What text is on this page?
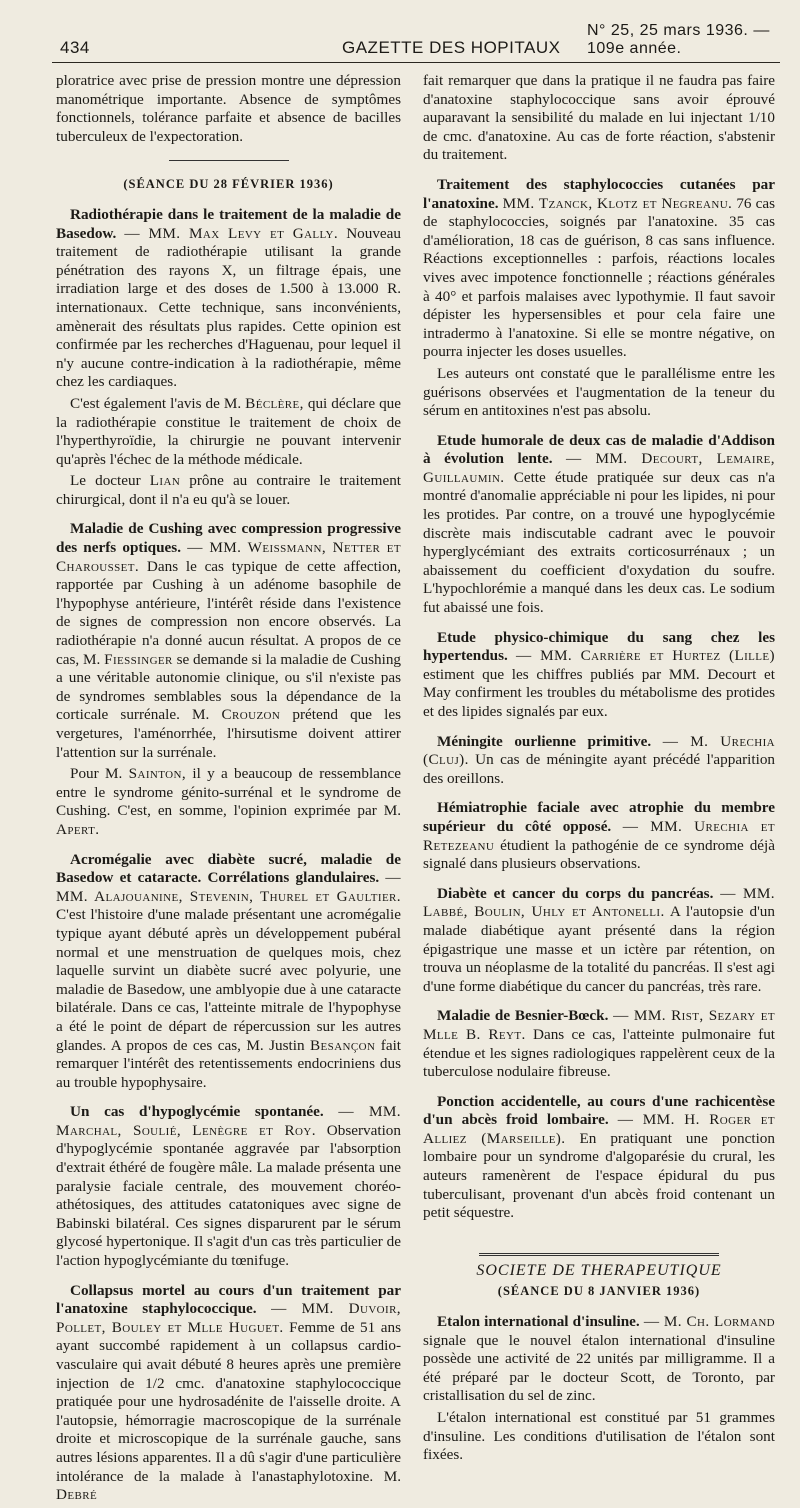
434	GAZETTE DES HOPITAUX
N° 25, 25 mars 1936. — 109e année.

ploratrice avec prise de pression montre une dépression manométrique importante. Absence de symptômes fonctionnels, tolérance parfaite et absence de bacilles tuberculeux de l'expectoration.

(SÉANCE DU 28 FÉVRIER 1936)

Radiothérapie dans le traitement de la maladie de Basedow. — MM. Max Levy et Gally. Nouveau traitement de radiothérapie utilisant la grande pénétration des rayons X, un filtrage épais, une irradiation large et des doses de 1.500 à 13.000 R. internationaux. Cette technique, sans inconvénients, amènerait des résultats plus rapides. Cette opinion est confirmée par les recherches d'Haguenau, pour lequel il n'y aucune contre-indication à la radiothérapie, même chez les cardiaques.

C'est également l'avis de M. Béclère, qui déclare que la radiothérapie constitue le traitement de choix de l'hyperthyroïdie, la chirurgie ne pouvant intervenir qu'après l'échec de la méthode médicale.

Le docteur Lian prône au contraire le traitement chirurgical, dont il n'a eu qu'à se louer.

Maladie de Cushing avec compression progressive des nerfs optiques. — MM. Weissmann, Netter et Charousset. Dans le cas typique de cette affection, rapportée par Cushing à un adénome basophile de l'hypophyse antérieure, l'intérêt réside dans l'existence de signes de compression non encore observés. La radiothérapie n'a donné aucun résultat. A propos de ce cas, M. Fiessinger se demande si la maladie de Cushing a une véritable autonomie clinique, ou s'il n'existe pas de syndromes semblables sous la dépendance de la corticale surrénale. M. Crouzon prétend que les vergetures, l'aménorrhée, l'hirsutisme doivent attirer l'attention sur la surrénale.

Pour M. Sainton, il y a beaucoup de ressemblance entre le syndrome génito-surrénal et le syndrome de Cushing. C'est, en somme, l'opinion exprimée par M. Apert.

Acromégalie avec diabète sucré, maladie de Basedow et cataracte. Corrélations glandulaires. — MM. Alajouanine, Stevenin, Thurel et Gaultier. C'est l'histoire d'une malade présentant une acromégalie typique ayant débuté après un développement pubéral normal et une menstruation de quelques mois, chez laquelle survint un diabète sucré avec polyurie, une maladie de Basedow, une amblyopie due à une cataracte bilatérale. Dans ce cas, l'atteinte mitrale de l'hypophyse a été le point de départ de répercussion sur les autres glandes. A propos de ces cas, M. Justin Besançon fait remarquer l'intérêt des retentissements endocriniens dus au trouble hypophysaire.

Un cas d'hypoglycémie spontanée. — MM. Marchal, Soulié, Lenègre et Roy. Observation d'hypoglycémie spontanée aggravée par l'absorption d'extrait éthéré de fougère mâle. La malade présenta une paralysie faciale centrale, des mouvement choréo-athétosiques, des attitudes catatoniques avec signe de Babinski bilatéral. Ces signes disparurent par le sérum glycosé hypertonique. Il s'agit d'un cas très particulier de l'action hypoglycémiante du tœnifuge.

Collapsus mortel au cours d'un traitement par l'anatoxine staphylococcique. — MM. Duvoir, Pollet, Bouley et Mlle Huguet. Femme de 51 ans ayant succombé rapidement à un collapsus cardio-vasculaire qui avait débuté 8 heures après une première injection de 1/2 cmc. d'anatoxine staphylococcique pratiquée pour une hydrosadénite de l'aisselle droite. A l'autopsie, hémorragie macroscopique de la surrénale droite et microscopique de la surrénale gauche, sans autres lésions apparentes. Il a dû s'agir d'une particulière intolérance de la malade à l'anastaphylotoxine. M. Debré

fait remarquer que dans la pratique il ne faudra pas faire d'anatoxine staphylococcique sans avoir éprouvé auparavant la sensibilité du malade en lui injectant 1/10 de cmc. d'anatoxine. Au cas de forte réaction, s'abstenir du traitement.

Traitement des staphylococcies cutanées par l'anatoxine. MM. Tzanck, Klotz et Negreanu. 76 cas de staphylococcies, soignés par l'anatoxine. 35 cas d'amélioration, 18 cas de guérison, 8 cas sans influence. Réactions exceptionnelles : parfois, réactions locales vives avec impotence fonctionnelle ; réactions générales à 40° et parfois malaises avec lypothymie. Il faut savoir dépister les hypersensibles et pour cela faire une intradermo à l'anatoxine. Si elle se montre négative, on pourra injecter les doses usuelles.

Les auteurs ont constaté que le parallélisme entre les guérisons observées et l'augmentation de la teneur du sérum en antitoxines n'est pas absolu.

Etude humorale de deux cas de maladie d'Addison à évolution lente. — MM. Decourt, Lemaire, Guillaumin. Cette étude pratiquée sur deux cas n'a montré d'anomalie appréciable ni pour les lipides, ni pour les protides. Par contre, on a trouvé une hypoglycémie discrète mais indiscutable cadrant avec le pouvoir hyperglycémiant des extraits corticosurrénaux ; un abaissement du coefficient d'oxydation du soufre. L'hypochlorémie a manqué dans les deux cas. Le sodium fut abaissé une fois.

Etude physico-chimique du sang chez les hypertendus. — MM. Carrière et Hurtez (Lille) estiment que les chiffres publiés par MM. Decourt et May confirment les troubles du métabolisme des protides et des lipides signalés par eux.

Méningite ourlienne primitive. — M. Urechia (Cluj). Un cas de méningite ayant précédé l'apparition des oreillons.

Hémiatrophie faciale avec atrophie du membre supérieur du côté opposé. — MM. Urechia et Retezeanu étudient la pathogénie de ce syndrome déjà signalé dans plusieurs observations.

Diabète et cancer du corps du pancréas. — MM. Labbé, Boulin, Uhly et Antonelli. A l'autopsie d'un malade diabétique ayant présenté dans la région épigastrique une masse et un ictère par rétention, on trouva un néoplasme de la totalité du pancréas. Il s'est agi d'une forme diabétique du cancer du pancréas, très rare.

Maladie de Besnier-Bœck. — MM. Rist, Sezary et Mlle B. Reyt. Dans ce cas, l'atteinte pulmonaire fut étendue et les signes radiologiques rappelèrent ceux de la tuberculose nodulaire fibreuse.

Ponction accidentelle, au cours d'une rachicentèse d'un abcès froid lombaire. — MM. H. Roger et Alliez (Marseille). En pratiquant une ponction lombaire pour un syndrome d'algoparésie du crural, les auteurs ramenèrent de l'espace épidural du pus tuberculisant, provenant d'un abcès froid contenant un petit séquestre.

SOCIETE DE THERAPEUTIQUE
(SÉANCE DU 8 JANVIER 1936)

Etalon international d'insuline. — M. Ch. Lormand signale que le nouvel étalon international d'insuline possède une activité de 22 unités par milligramme. Il a été préparé par le docteur Scott, de Toronto, par cristallisation du sel de zinc.

L'étalon international est constitué par 51 grammes d'insuline. Les conditions d'utilisation de l'étalon sont fixées.
